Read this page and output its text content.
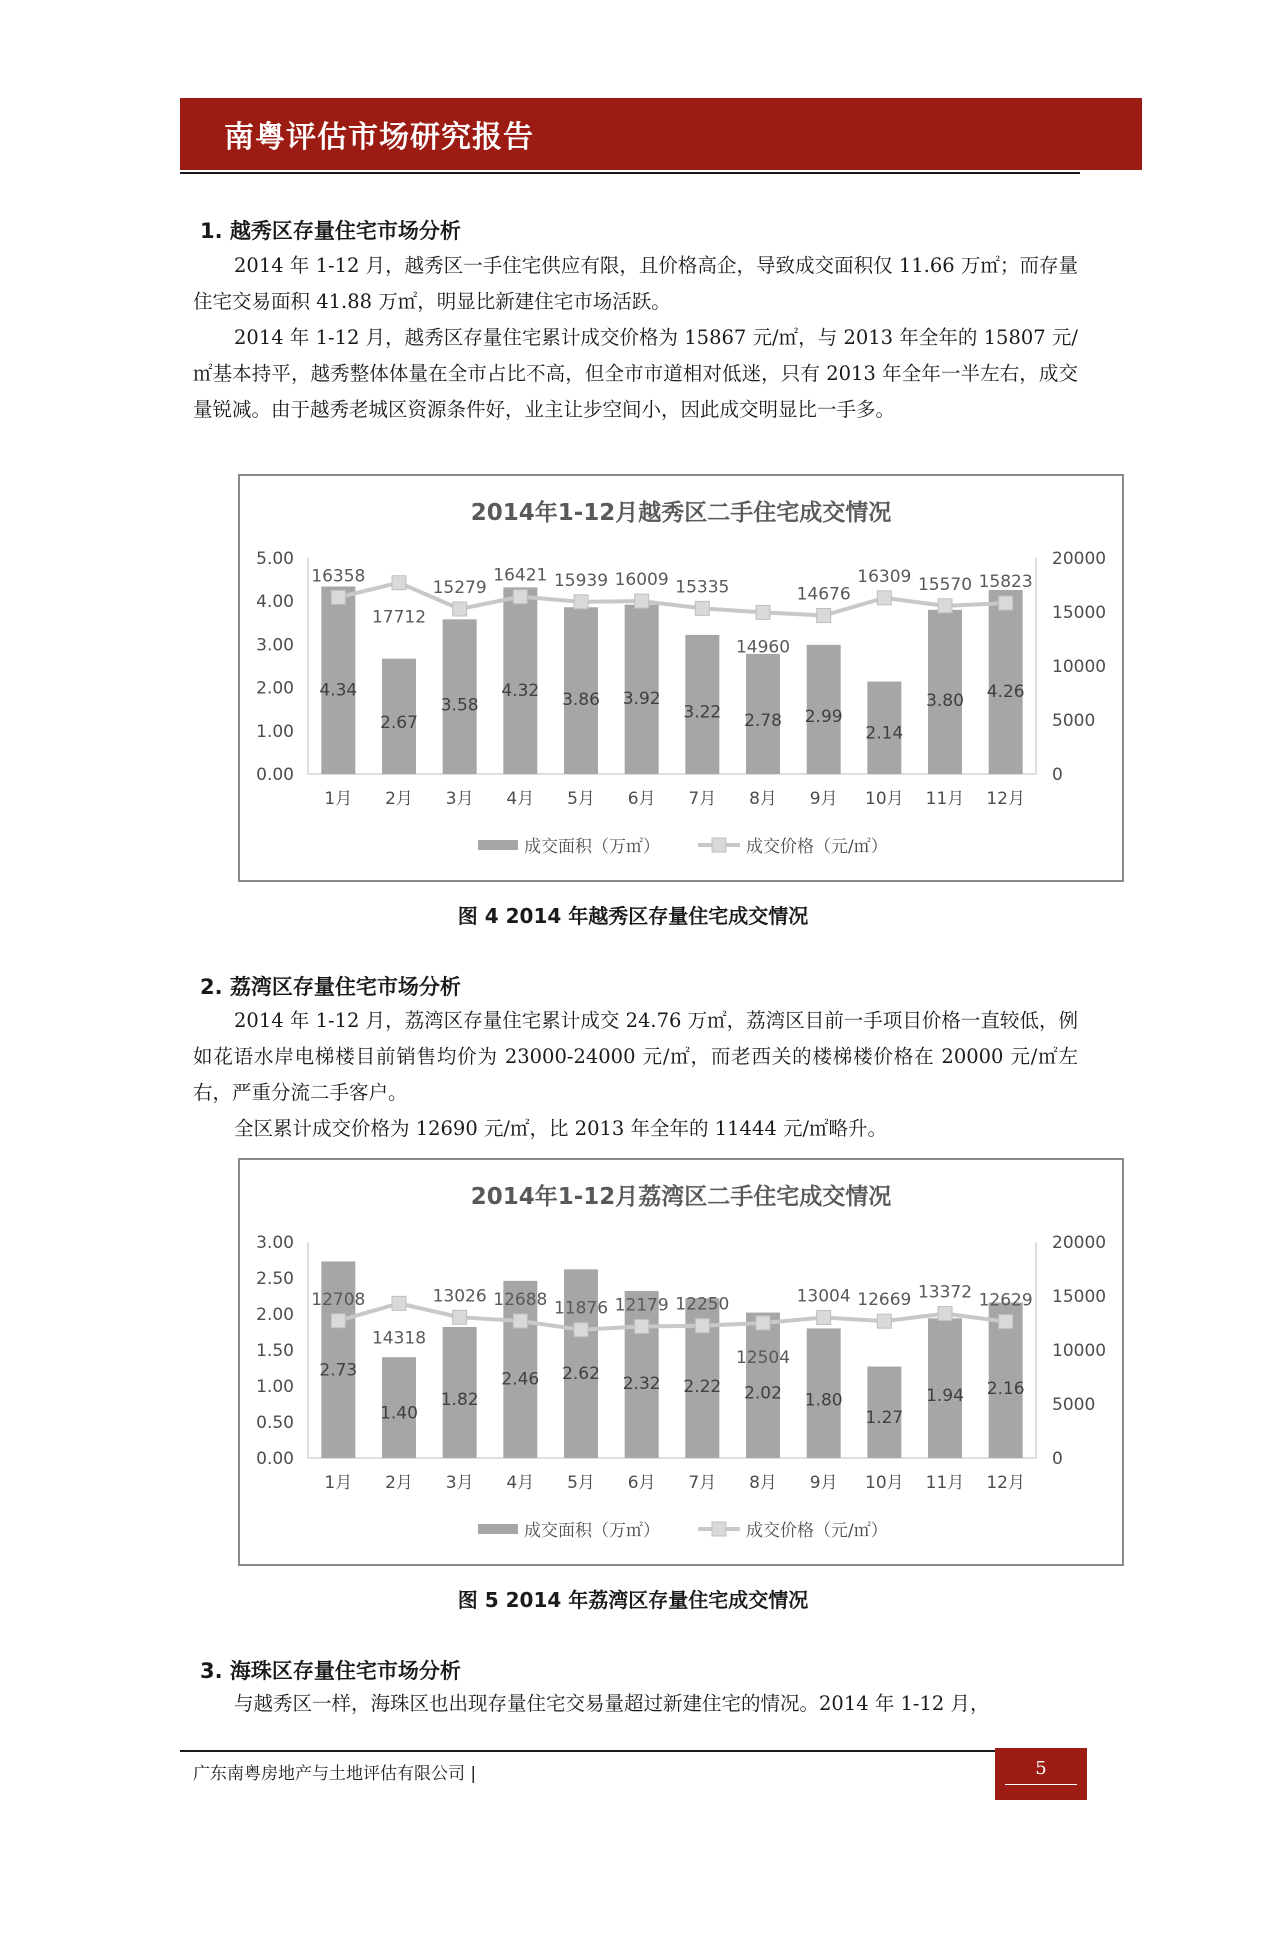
南粤评估市场研究报告
1. 越秀区存量住宅市场分析
2014 年 1-12 月，越秀区一手住宅供应有限，且价格高企，导致成交面积仅 11.66 万㎡；而存量住宅交易面积 41.88 万㎡，明显比新建住宅市场活跃。
2014 年 1-12 月，越秀区存量住宅累计成交价格为 15867 元/㎡，与 2013 年全年的 15807 元/㎡基本持平，越秀整体体量在全市占比不高，但全市市道相对低迷，只有 2013 年全年一半左右，成交量锐减。由于越秀老城区资源条件好，业主让步空间小，因此成交明显比一手多。
2014年1-12月越秀区二手住宅成交情况
0.00
1.00
2.00
3.00
4.00
5.00
0
5000
10000
15000
20000
4.34
1月
2.67
2月
3.58
3月
4.32
4月
3.86
5月
3.92
6月
3.22
7月
2.78
8月
2.99
9月
2.14
10月
3.80
11月
4.26
12月
16358
17712
15279
16421 15939 16009 15335
14960
14676
16309 15570 15823
成交面积（万㎡）	成交价格（元/㎡）
图 4 2014 年越秀区存量住宅成交情况
2. 荔湾区存量住宅市场分析
2014 年 1-12 月，荔湾区存量住宅累计成交 24.76 万㎡，荔湾区目前一手项目价格一直较低，例如花语水岸电梯楼目前销售均价为 23000-24000 元/㎡，而老西关的楼梯楼价格在 20000 元/㎡左右，严重分流二手客户。
全区累计成交价格为 12690 元/㎡，比 2013 年全年的 11444 元/㎡略升。
2014年1-12月荔湾区二手住宅成交情况
0.00
0.50
1.00
1.50
2.00
2.50
3.00
0
5000
10000
15000
20000
2.73
1月
1.40
2月
1.82
3月
2.46
4月
2.62
5月
2.32
6月
2.22
7月
2.02
8月
1.80
9月
1.27
10月
1.94
11月
2.16
12月
12708
14318
13026 12688 11876 12179 12250
12504
13004 12669 13372 12629
成交面积（万㎡）	成交价格（元/㎡）
图 5 2014 年荔湾区存量住宅成交情况
3. 海珠区存量住宅市场分析
与越秀区一样，海珠区也出现存量住宅交易量超过新建住宅的情况。2014 年 1-12 月，
广东南粤房地产与土地评估有限公司 |	5
